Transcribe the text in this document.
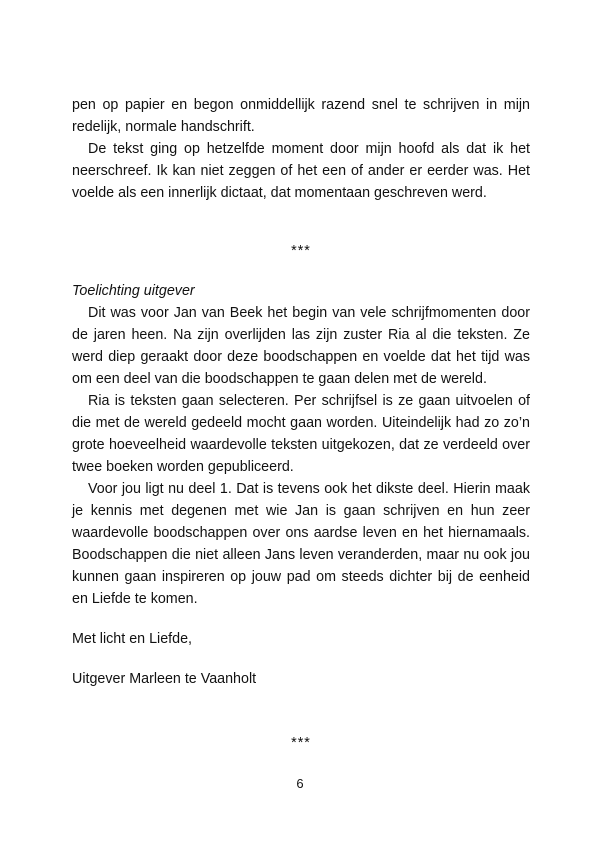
pen op papier en begon onmiddellijk razend snel te schrijven in mijn redelijk, normale handschrift.

De tekst ging op hetzelfde moment door mijn hoofd als dat ik het neerschreef. Ik kan niet zeggen of het een of ander er eerder was. Het voelde als een innerlijk dictaat, dat momentaan geschreven werd.

***

Toelichting uitgever

Dit was voor Jan van Beek het begin van vele schrijfmomenten door de jaren heen. Na zijn overlijden las zijn zuster Ria al die teksten. Ze werd diep geraakt door deze boodschappen en voelde dat het tijd was om een deel van die boodschappen te gaan delen met de wereld.

Ria is teksten gaan selecteren. Per schrijfsel is ze gaan uitvoelen of die met de wereld gedeeld mocht gaan worden. Uiteindelijk had zo zo’n grote hoeveelheid waardevolle teksten uitgekozen, dat ze verdeeld over twee boeken worden gepubliceerd.

Voor jou ligt nu deel 1. Dat is tevens ook het dikste deel. Hierin maak je kennis met degenen met wie Jan is gaan schrijven en hun zeer waardevolle boodschappen over ons aardse leven en het hiernamaals. Boodschappen die niet alleen Jans leven veranderden, maar nu ook jou kunnen gaan inspireren op jouw pad om steeds dichter bij de eenheid en Liefde te komen.

Met licht en Liefde,

Uitgever Marleen te Vaanholt

***

6
